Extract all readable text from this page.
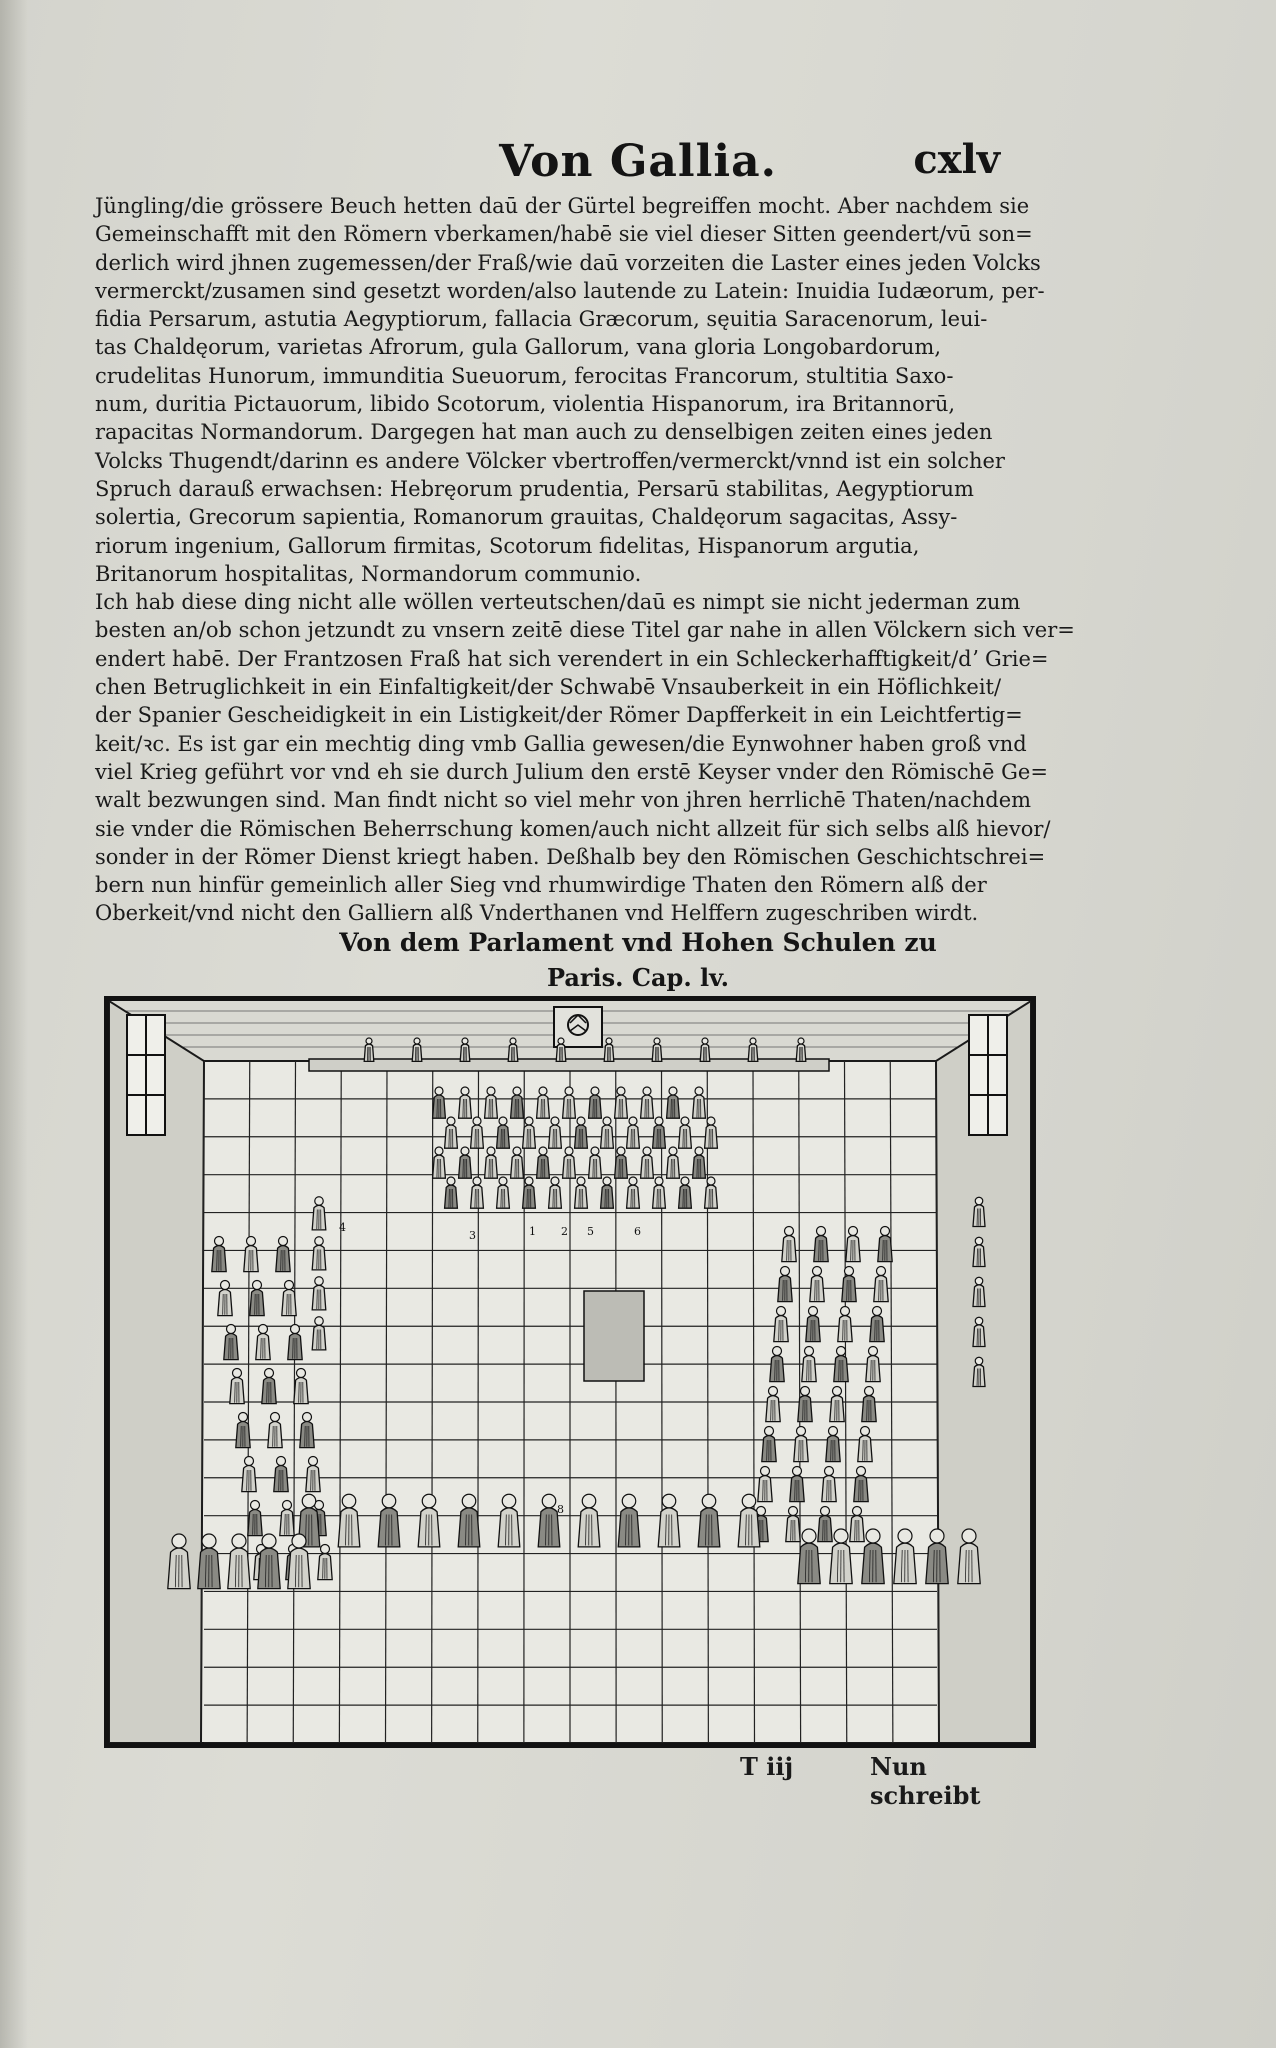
Von Gallia.	cxlv
Jüngling/die grössere Beuch hetten daū der Gürtel begreiffen mocht. Aber nachdem sie
Gemeinschafft mit den Römern vberkamen/habē sie viel dieser Sitten geendert/vū son=
derlich wird jhnen zugemessen/der Fraß/wie daū vorzeiten die Laster eines jeden Volcks
vermerckt/zusamen sind gesetzt worden/also lautende zu Latein: Inuidia Iudæorum, per-
fidia Persarum, astutia Aegyptiorum, fallacia Græcorum, sęuitia Saracenorum, leui-
tas Chaldęorum, varietas Afrorum, gula Gallorum, vana gloria Longobardorum,
crudelitas Hunorum, immunditia Sueuorum, ferocitas Francorum, stultitia Saxo-
num, duritia Pictauorum, libido Scotorum, violentia Hispanorum, ira Britannorū,
rapacitas Normandorum. Dargegen hat man auch zu denselbigen zeiten eines jeden
Volcks Thugendt/darinn es andere Völcker vbertroffen/vermerckt/vnnd ist ein solcher
Spruch darauß erwachsen: Hebręorum prudentia, Persarū stabilitas, Aegyptiorum
solertia, Grecorum sapientia, Romanorum grauitas, Chaldęorum sagacitas, Assy-
riorum ingenium, Gallorum firmitas, Scotorum fidelitas, Hispanorum argutia,
Britanorum hospitalitas, Normandorum communio.
Ich hab diese ding nicht alle wöllen verteutschen/daū es nimpt sie nicht jederman zum
besten an/ob schon jetzundt zu vnsern zeitē diese Titel gar nahe in allen Völckern sich ver=
endert habē. Der Frantzosen Fraß hat sich verendert in ein Schleckerhafftigkeit/dʼ Grie=
chen Betruglichkeit in ein Einfaltigkeit/der Schwabē Vnsauberkeit in ein Höflichkeit/
der Spanier Gescheidigkeit in ein Listigkeit/der Römer Dapfferkeit in ein Leichtfertig=
keit/ꝛc. Es ist gar ein mechtig ding vmb Gallia gewesen/die Eynwohner haben groß vnd
viel Krieg geführt vor vnd eh sie durch Julium den erstē Keyser vnder den Römischē Ge=
walt bezwungen sind. Man findt nicht so viel mehr von jhren herrlichē Thaten/nachdem
sie vnder die Römischen Beherrschung komen/auch nicht allzeit für sich selbs alß hievor/
sonder in der Römer Dienst kriegt haben. Deßhalb bey den Römischen Geschichtschrei=
bern nun hinfür gemeinlich aller Sieg vnd rhumwirdige Thaten den Römern alß der
Oberkeit/vnd nicht den Galliern alß Vnderthanen vnd Helffern zugeschriben wirdt.
Von dem Parlament vnd Hohen Schulen zu
Paris. Cap. lv.
4
3	1 2 5	6
8
T iij	Nun schreibt
